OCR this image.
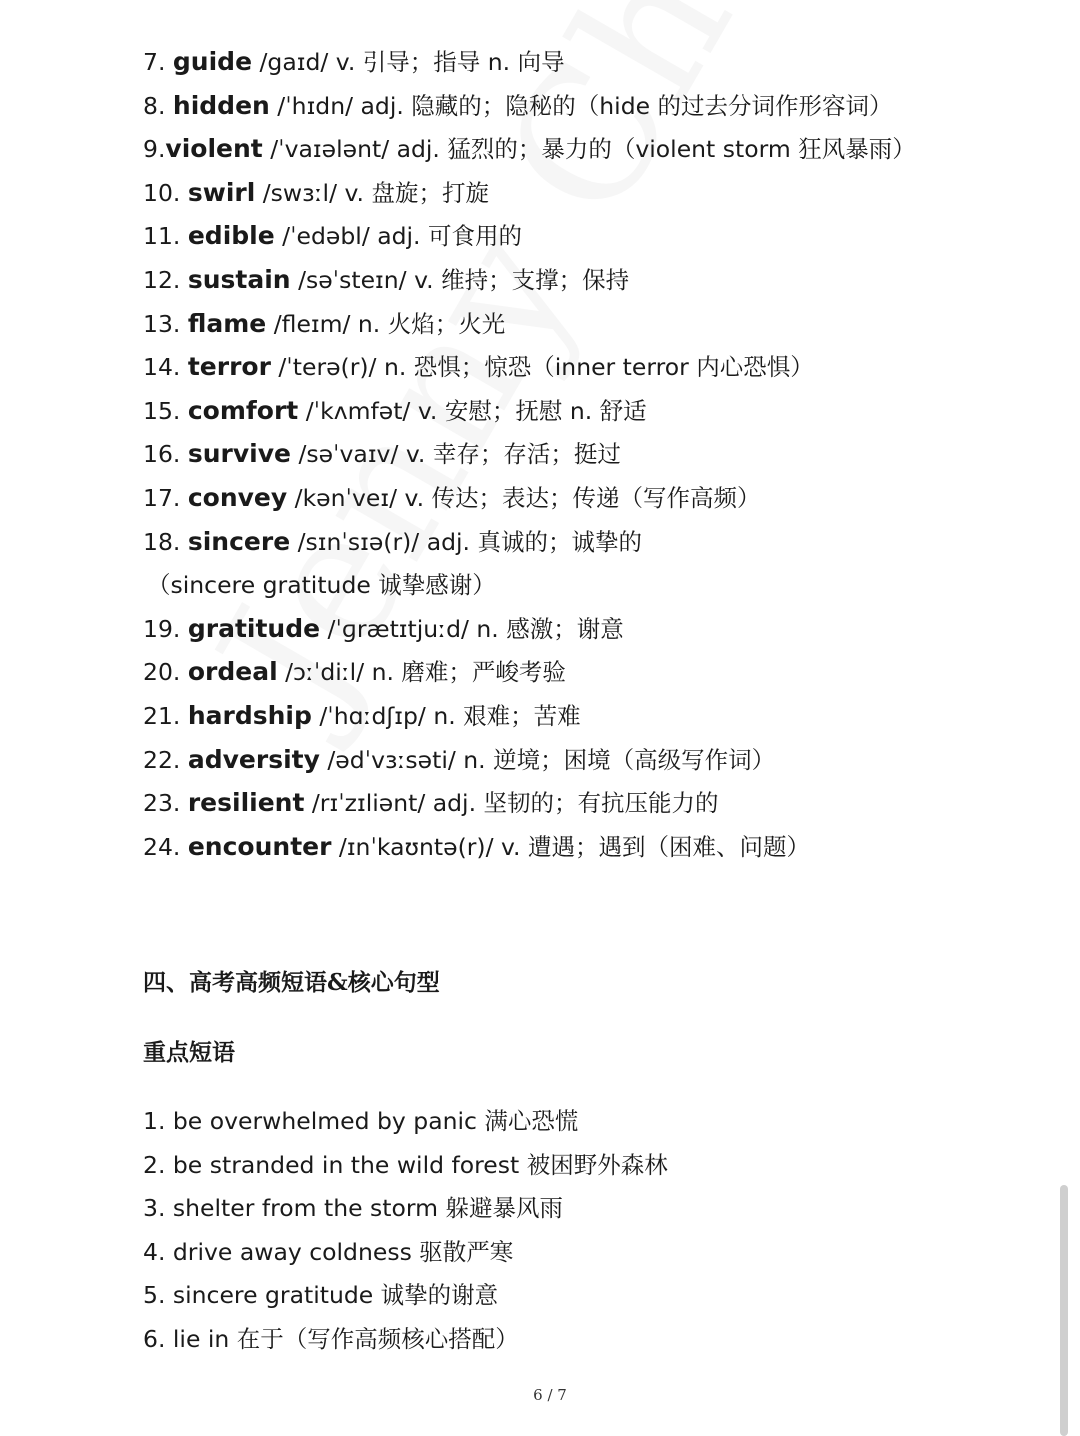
7. guide /gaɪd/ v. 引导；指导 n. 向导
8. hidden /ˈhɪdn/ adj. 隐藏的；隐秘的（hide 的过去分词作形容词）
9.violent /ˈvaɪələnt/ adj. 猛烈的；暴力的（violent storm 狂风暴雨）
10. swirl /swɜːl/ v. 盘旋；打旋
11. edible /ˈedəbl/ adj. 可食用的
12. sustain /səˈsteɪn/ v. 维持；支撑；保持
13. flame /fleɪm/ n. 火焰；火光
14. terror /ˈterə(r)/ n. 恐惧；惊恐（inner terror 内心恐惧）
15. comfort /ˈkʌmfət/ v. 安慰；抚慰 n. 舒适
16. survive /səˈvaɪv/ v. 幸存；存活；挺过
17. convey /kənˈveɪ/ v. 传达；表达；传递（写作高频）
18. sincere /sɪnˈsɪə(r)/ adj. 真诚的；诚挚的
（sincere gratitude 诚挚感谢）
19. gratitude /ˈɡrætɪtjuːd/ n. 感激；谢意
20. ordeal /ɔːˈdiːl/ n. 磨难；严峻考验
21. hardship /ˈhɑːdʃɪp/ n. 艰难；苦难
22. adversity /ədˈvɜːsəti/ n. 逆境；困境（高级写作词）
23. resilient /rɪˈzɪliənt/ adj. 坚韧的；有抗压能力的
24. encounter /ɪnˈkaʊntə(r)/ v. 遭遇；遇到（困难、问题）
四、高考高频短语&核心句型
重点短语
1. be overwhelmed by panic 满心恐慌
2. be stranded in the wild forest 被困野外森林
3. shelter from the storm 躲避暴风雨
4. drive away coldness 驱散严寒
5. sincere gratitude 诚挚的谢意
6. lie in 在于（写作高频核心搭配）
6 / 7
